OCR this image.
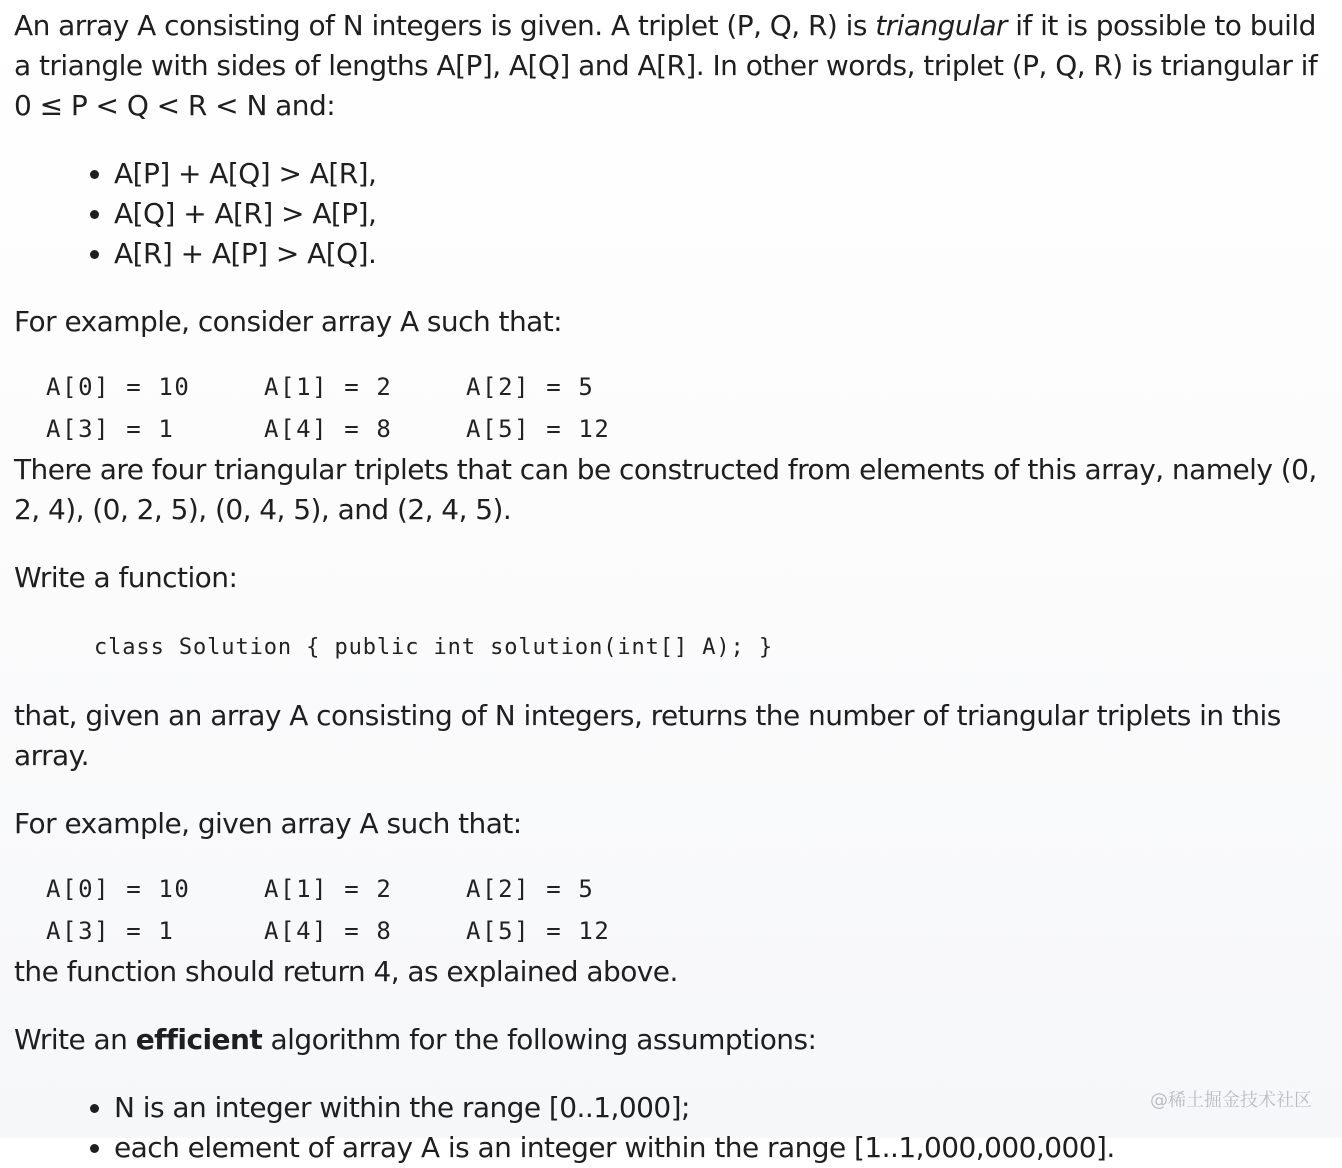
An array A consisting of N integers is given. A triplet (P, Q, R) is triangular if it is possible to build a triangle with sides of lengths A[P], A[Q] and A[R]. In other words, triplet (P, Q, R) is triangular if 0 ≤ P < Q < R < N and:

• A[P] + A[Q] > A[R],
• A[Q] + A[R] > A[P],
• A[R] + A[P] > A[Q].

For example, consider array A such that:

A[0] = 10	A[1] = 2	A[2] = 5
A[3] = 1	A[4] = 8	A[5] = 12

There are four triangular triplets that can be constructed from elements of this array, namely (0, 2, 4), (0, 2, 5), (0, 4, 5), and (2, 4, 5).

Write a function:

class Solution { public int solution(int[] A); }

that, given an array A consisting of N integers, returns the number of triangular triplets in this array.

For example, given array A such that:

A[0] = 10	A[1] = 2	A[2] = 5
A[3] = 1	A[4] = 8	A[5] = 12

the function should return 4, as explained above.

Write an efficient algorithm for the following assumptions:

• N is an integer within the range [0..1,000];
• each element of array A is an integer within the range [1..1,000,000,000].
@稀土掘金技术社区
